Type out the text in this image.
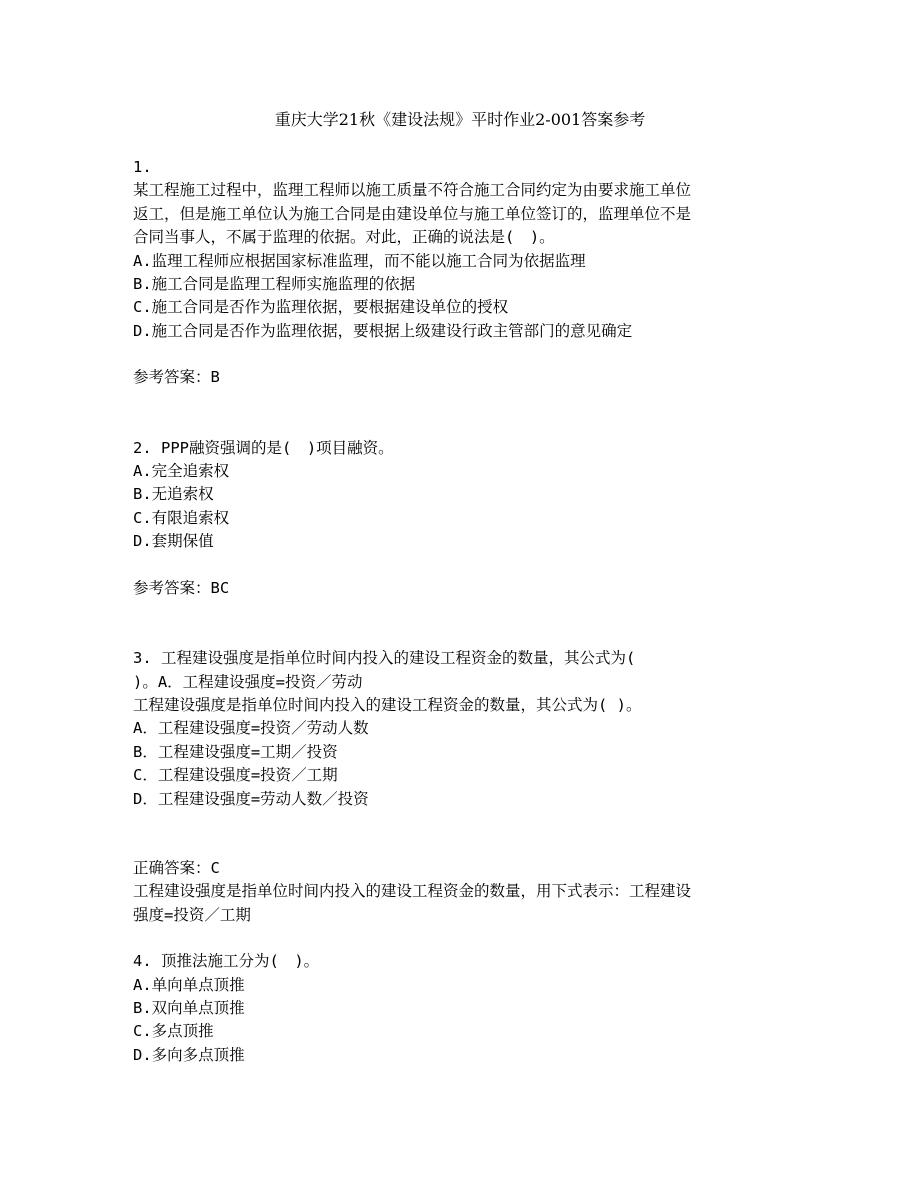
重庆大学21秋《建设法规》平时作业2-001答案参考
1.
某工程施工过程中，监理工程师以施工质量不符合施工合同约定为由要求施工单位
返工，但是施工单位认为施工合同是由建设单位与施工单位签订的，监理单位不是
合同当事人，不属于监理的依据。对此，正确的说法是(　)。
A.监理工程师应根据国家标准监理，而不能以施工合同为依据监理
B.施工合同是监理工程师实施监理的依据
C.施工合同是否作为监理依据，要根据建设单位的授权
D.施工合同是否作为监理依据，要根据上级建设行政主管部门的意见确定
参考答案：B
2. PPP融资强调的是(　)项目融资。
A.完全追索权
B.无追索权
C.有限追索权
D.套期保值
参考答案：BC
3. 工程建设强度是指单位时间内投入的建设工程资金的数量，其公式为(
)。A．工程建设强度=投资／劳动
工程建设强度是指单位时间内投入的建设工程资金的数量，其公式为( )。
A．工程建设强度=投资／劳动人数
B．工程建设强度=工期／投资
C．工程建设强度=投资／工期
D．工程建设强度=劳动人数／投资
正确答案：C
工程建设强度是指单位时间内投入的建设工程资金的数量，用下式表示：工程建设
强度=投资／工期
4. 顶推法施工分为(　)。
A.单向单点顶推
B.双向单点顶推
C.多点顶推
D.多向多点顶推
